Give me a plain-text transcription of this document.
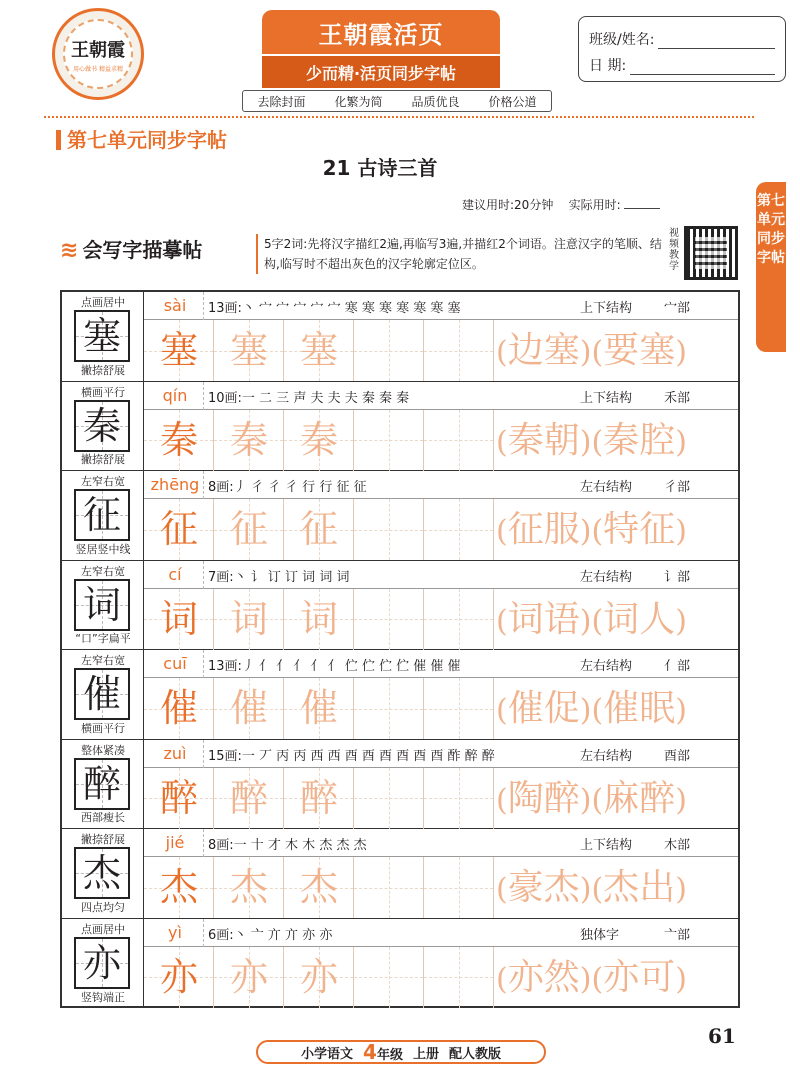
王朝霞
用心做书 精益求精
王朝霞活页
少而精·活页同步字帖
去除封面 化繁为简 品质优良 价格公道
班级/姓名:
日 期:
第七单元同步字帖
21 古诗三首
建议用时:20分钟 实际用时:
≋ 会写字描摹帖	5字2词:先将汉字描红2遍,再临写3遍,并描红2个词语。注意汉字的笔顺、结构,临写时不超出灰色的汉字轮廓定位区。
视频教学
第七单元同步字帖
点画居中
塞
撇捺舒展
sài	13画:丶 宀 宀 宀 宀 宀 寒 寒 寒 寒 寒 寒 塞	上下结构 宀部
塞 塞 塞	(边塞)(要塞)
横画平行
秦
撇捺舒展
qín	10画:一 二 三 声 夫 夫 夫 秦 秦 秦	上下结构 禾部
秦 秦 秦	(秦朝)(秦腔)
左窄右宽
征
竖居竖中线
zhēng 8画:丿 彳 彳 彳 行 行 征 征	左右结构 彳部
征 征 征	(征服)(特征)
左窄右宽
词
“口”字扁平
cí	7画:丶 讠 订 订 词 词 词	左右结构 讠部
词 词 词	(词语)(词人)
左窄右宽
催
横画平行
cuī	13画:丿 亻 亻 亻 亻 亻 伫 伫 伫 伫 催 催 催	左右结构 亻部
催 催 催	(催促)(催眠)
整体紧凑
醉
西部瘦长
zuì	15画:一 丆 丙 丙 西 西 酉 酉 酉 酉 酉 酉 酢 醉 醉	左右结构 酉部
醉 醉 醉	(陶醉)(麻醉)
撇捺舒展
杰
四点均匀
jié	8画:一 十 才 木 木 杰 杰 杰	上下结构 木部
杰 杰 杰	(豪杰)(杰出)
点画居中
亦
竖钩端正
yì	6画:丶 亠 亣 亣 亦 亦	独体字	亠部
亦 亦 亦	(亦然)(亦可)
小学语文 4年级 上册 配人教版
61
